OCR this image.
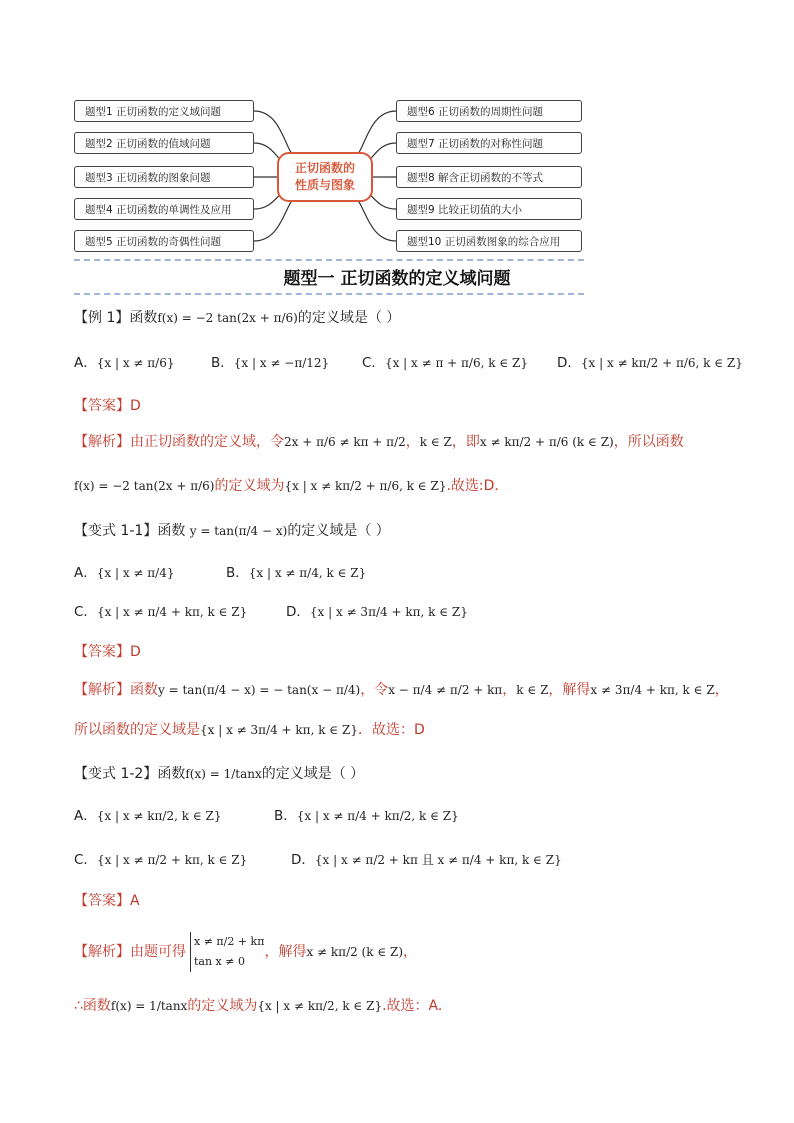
题型1 正切函数的定义域问题
题型2 正切函数的值域问题
题型3 正切函数的图象问题
题型4 正切函数的单调性及应用
题型5 正切函数的奇偶性问题
正切函数的
性质与图象
题型6 正切函数的周期性问题
题型7 正切函数的对称性问题
题型8 解含正切函数的不等式
题型9 比较正切值的大小
题型10 正切函数图象的综合应用
题型一 正切函数的定义域问题
【例 1】函数f(x) = −2 tan(2x + π/6)的定义域是（ ）
A．{x | x ≠ π/6}	B．{x | x ≠ −π/12} C．{x | x ≠ π + π/6, k ∈ Z} D．{x | x ≠ kπ/2 + π/6, k ∈ Z}
【答案】D
【解析】由正切函数的定义域，令2x + π/6 ≠ kπ + π/2，k ∈ Z，即x ≠ kπ/2 + π/6 (k ∈ Z)，所以函数
f(x) = −2 tan(2x + π/6)的定义域为{x | x ≠ kπ/2 + π/6, k ∈ Z}.故选:D．
【变式 1-1】函数 y = tan(π/4 − x)的定义域是（ ）
A．{x | x ≠ π/4}	B．{x | x ≠ π/4, k ∈ Z}
C．{x | x ≠ π/4 + kπ, k ∈ Z}	D．{x | x ≠ 3π/4 + kπ, k ∈ Z}
【答案】D
【解析】函数y = tan(π/4 − x) = − tan(x − π/4)，令x − π/4 ≠ π/2 + kπ，k ∈ Z，解得x ≠ 3π/4 + kπ, k ∈ Z，
所以函数的定义域是{x | x ≠ 3π/4 + kπ, k ∈ Z}．故选：D
【变式 1-2】函数f(x) = 1/tanx的定义域是（ ）
A．{x | x ≠ kπ/2, k ∈ Z}	B．{x | x ≠ π/4 + kπ/2, k ∈ Z}
C．{x | x ≠ π/2 + kπ, k ∈ Z}	D．{x | x ≠ π/2 + kπ 且 x ≠ π/4 + kπ, k ∈ Z}
【答案】A
【解析】由题可得
x ≠ π/2 + kπ
tan x ≠ 0
，解得x ≠ kπ/2 (k ∈ Z)，
∴函数f(x) = 1/tanx的定义域为{x | x ≠ kπ/2, k ∈ Z}.故选：A.
